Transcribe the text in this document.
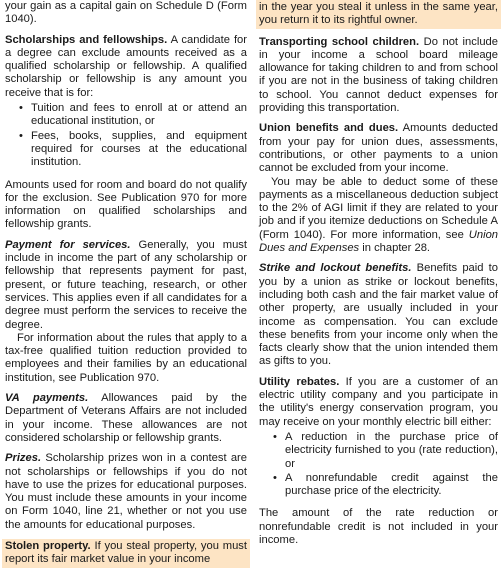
your gain as a capital gain on Schedule D (Form 1040).

Scholarships and fellowships. A candidate for a degree can exclude amounts received as a qualified scholarship or fellowship. A qualified scholarship or fellowship is any amount you receive that is for:

• Tuition and fees to enroll at or attend an educational institution, or
• Fees, books, supplies, and equipment required for courses at the educational institution.

Amounts used for room and board do not qualify for the exclusion. See Publication 970 for more information on qualified scholarships and fellowship grants.

Payment for services. Generally, you must include in income the part of any scholarship or fellowship that represents payment for past, present, or future teaching, research, or other services. This applies even if all candidates for a degree must perform the services to receive the degree.

For information about the rules that apply to a tax-free qualified tuition reduction provided to employees and their families by an educational institution, see Publication 970.

VA payments. Allowances paid by the Department of Veterans Affairs are not included in your income. These allowances are not considered scholarship or fellowship grants.

Prizes. Scholarship prizes won in a contest are not scholarships or fellowships if you do not have to use the prizes for educational purposes. You must include these amounts in your income on Form 1040, line 21, whether or not you use the amounts for educational purposes.

Stolen property. If you steal property, you must report its fair market value in your income

in the year you steal it unless in the same year, you return it to its rightful owner.

Transporting school children. Do not include in your income a school board mileage allowance for taking children to and from school if you are not in the business of taking children to school. You cannot deduct expenses for providing this transportation.

Union benefits and dues. Amounts deducted from your pay for union dues, assessments, contributions, or other payments to a union cannot be excluded from your income.

You may be able to deduct some of these payments as a miscellaneous deduction subject to the 2% of AGI limit if they are related to your job and if you itemize deductions on Schedule A (Form 1040). For more information, see Union Dues and Expenses in chapter 28.

Strike and lockout benefits. Benefits paid to you by a union as strike or lockout benefits, including both cash and the fair market value of other property, are usually included in your income as compensation. You can exclude these benefits from your income only when the facts clearly show that the union intended them as gifts to you.

Utility rebates. If you are a customer of an electric utility company and you participate in the utility's energy conservation program, you may receive on your monthly electric bill either:

• A reduction in the purchase price of electricity furnished to you (rate reduction), or
• A nonrefundable credit against the purchase price of the electricity.

The amount of the rate reduction or nonrefundable credit is not included in your income.
